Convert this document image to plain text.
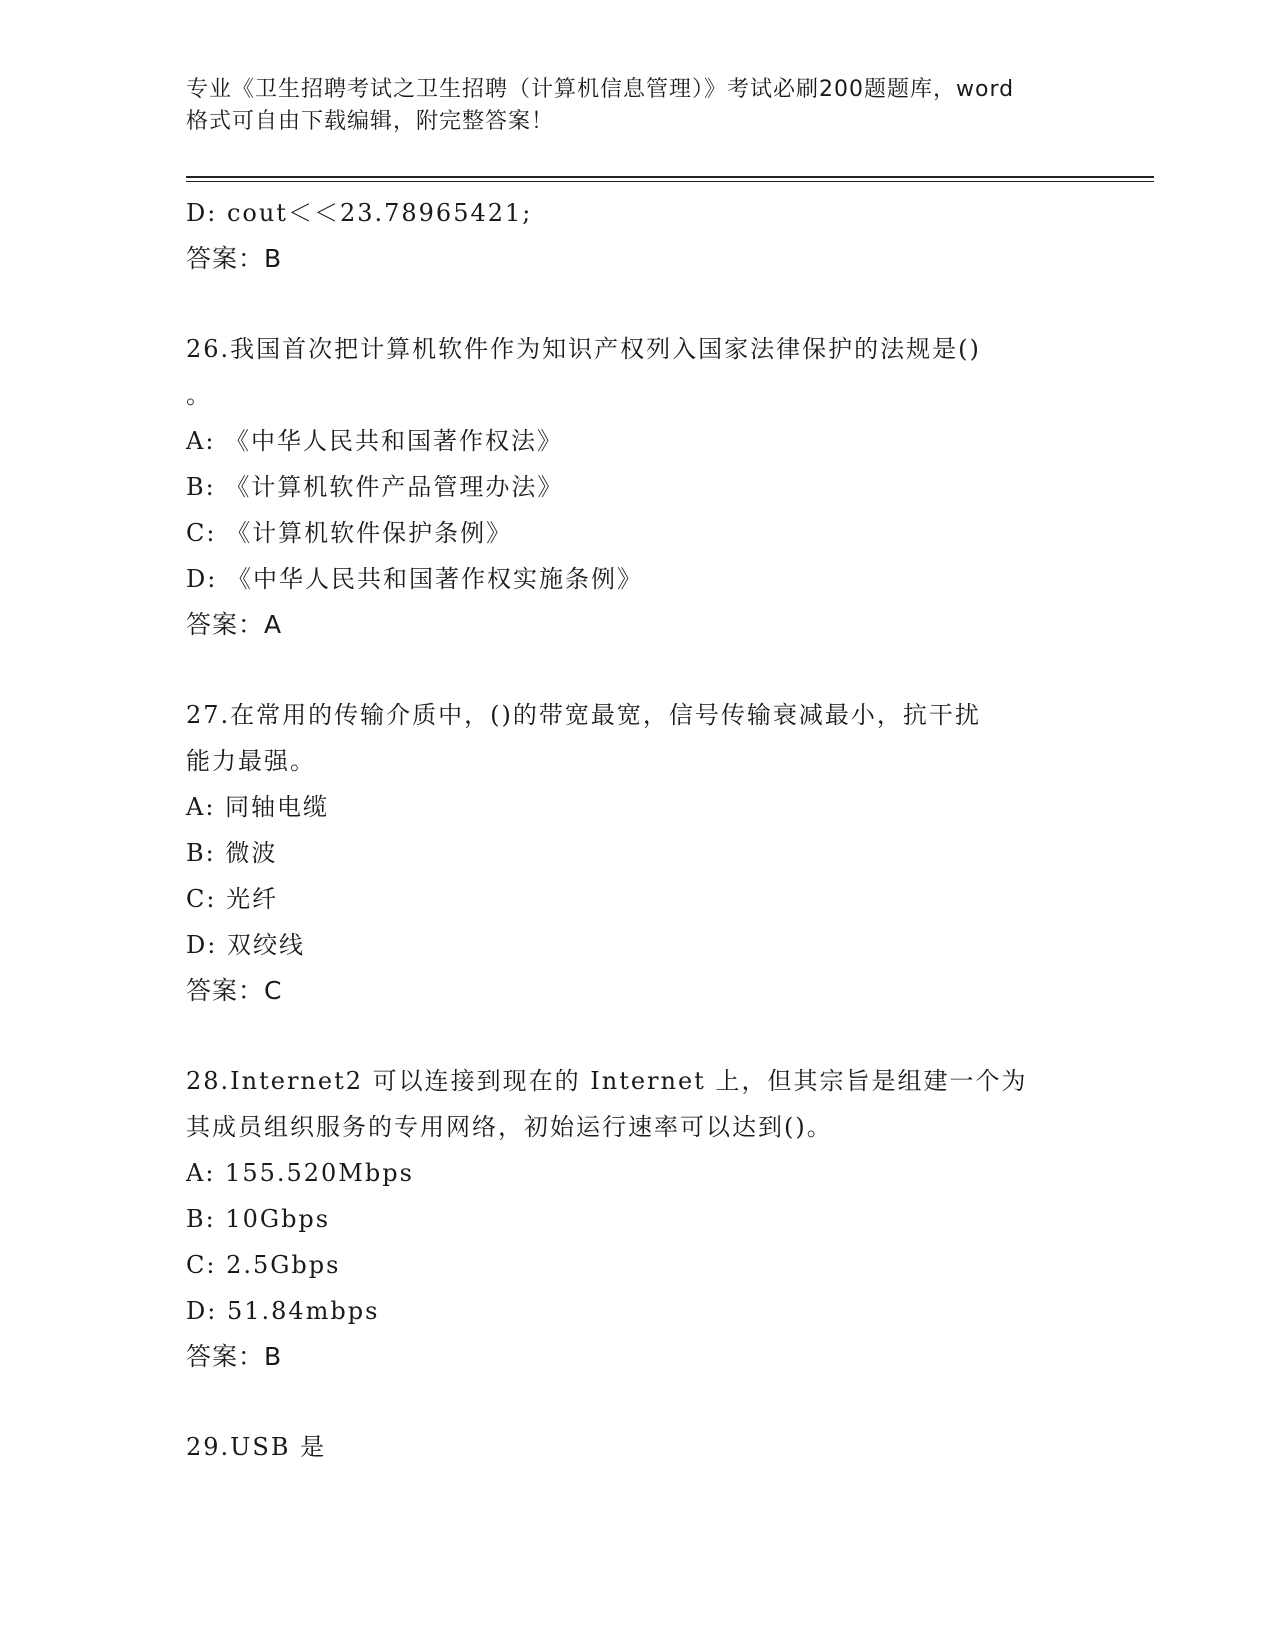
专业《卫生招聘考试之卫生招聘（计算机信息管理）》考试必刷200题题库，word
格式可自由下载编辑，附完整答案！
D: cout＜＜23.78965421;
答案：B
26.我国首次把计算机软件作为知识产权列入国家法律保护的法规是()
。
A: 《中华人民共和国著作权法》
B: 《计算机软件产品管理办法》
C: 《计算机软件保护条例》
D: 《中华人民共和国著作权实施条例》
答案：A
27.在常用的传输介质中，()的带宽最宽，信号传输衰减最小，抗干扰
能力最强。
A: 同轴电缆
B: 微波
C: 光纤
D: 双绞线
答案：C
28.Internet2 可以连接到现在的 Internet 上，但其宗旨是组建一个为
其成员组织服务的专用网络，初始运行速率可以达到()。
A: 155.520Mbps
B: 10Gbps
C: 2.5Gbps
D: 51.84mbps
答案：B
29.USB 是
